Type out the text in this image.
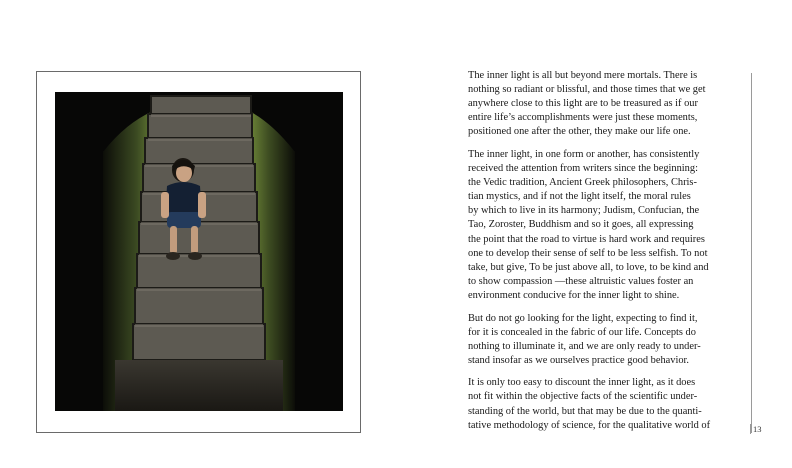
The inner light is all but beyond mere mortals. There is
nothing so radiant or blissful, and those times that we get
anywhere close to this light are to be treasured as if our
entire life’s accomplishments were just these moments,
positioned one after the other, they make our life one.

The inner light, in one form or another, has consistently
received the attention from writers since the beginning:
the Vedic tradition, Ancient Greek philosophers, Chris-
tian mystics, and if not the light itself, the moral rules
by which to live in its harmony; Judism, Confucian, the
Tao, Zoroster, Buddhism and so it goes, all expressing
the point that the road to virtue is hard work and requires
one to develop their sense of self to be less selfish. To not
take, but give, To be just above all, to love, to be kind and
to show compassion —these altruistic values foster an
environment conducive for the inner light to shine.

But do not go looking for the light, expecting to find it,
for it is concealed in the fabric of our life. Concepts do
nothing to illuminate it, and we are only ready to under-
stand insofar as we ourselves practice good behavior.

It is only too easy to discount the inner light, as it does
not fit within the objective facts of the scientific under-
standing of the world, but that may be due to the quanti-
tative methodology of science, for the qualitative world of	13
